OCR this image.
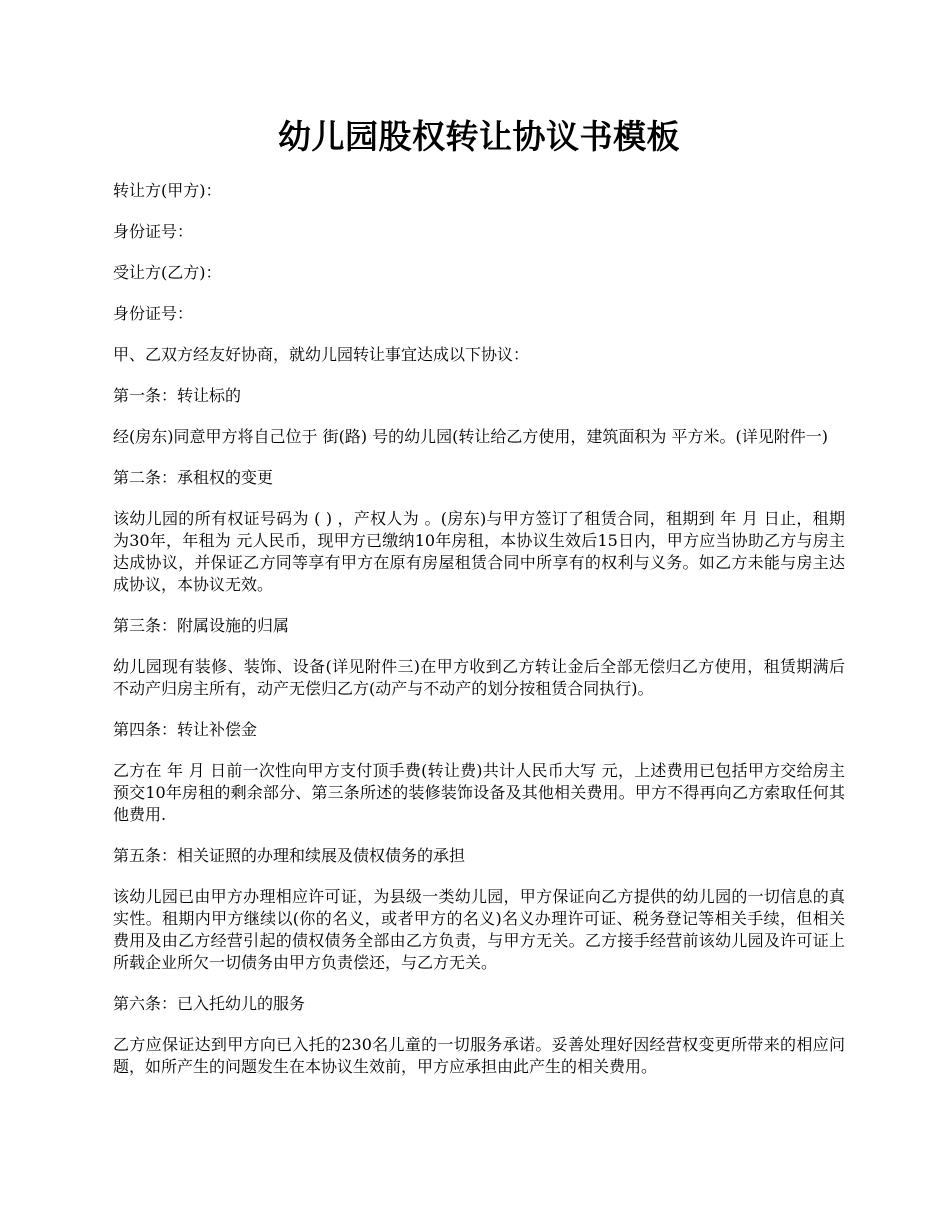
幼儿园股权转让协议书模板

转让方(甲方)：

身份证号：

受让方(乙方)：

身份证号：

甲、乙双方经友好协商，就幼儿园转让事宜达成以下协议：

第一条：转让标的

经(房东)同意甲方将自己位于 街(路) 号的幼儿园(转让给乙方使用，建筑面积为 平方米。(详见附件一)

第二条：承租权的变更

该幼儿园的所有权证号码为 ( ) ，产权人为 。(房东)与甲方签订了租赁合同，租期到 年 月 日止，租期为30年，年租为 元人民币，现甲方已缴纳10年房租，本协议生效后15日内，甲方应当协助乙方与房主达成协议，并保证乙方同等享有甲方在原有房屋租赁合同中所享有的权利与义务。如乙方未能与房主达成协议，本协议无效。

第三条：附属设施的归属

幼儿园现有装修、装饰、设备(详见附件三)在甲方收到乙方转让金后全部无偿归乙方使用，租赁期满后不动产归房主所有，动产无偿归乙方(动产与不动产的划分按租赁合同执行)。

第四条：转让补偿金

乙方在 年 月 日前一次性向甲方支付顶手费(转让费)共计人民币大写 元，上述费用已包括甲方交给房主预交10年房租的剩余部分、第三条所述的装修装饰设备及其他相关费用。甲方不得再向乙方索取任何其他费用.

第五条：相关证照的办理和续展及债权债务的承担

该幼儿园已由甲方办理相应许可证，为县级一类幼儿园，甲方保证向乙方提供的幼儿园的一切信息的真实性。租期内甲方继续以(你的名义，或者甲方的名义)名义办理许可证、税务登记等相关手续，但相关费用及由乙方经营引起的债权债务全部由乙方负责，与甲方无关。乙方接手经营前该幼儿园及许可证上所载企业所欠一切债务由甲方负责偿还，与乙方无关。

第六条：已入托幼儿的服务

乙方应保证达到甲方向已入托的230名儿童的一切服务承诺。妥善处理好因经营权变更所带来的相应问题，如所产生的问题发生在本协议生效前，甲方应承担由此产生的相关费用。
